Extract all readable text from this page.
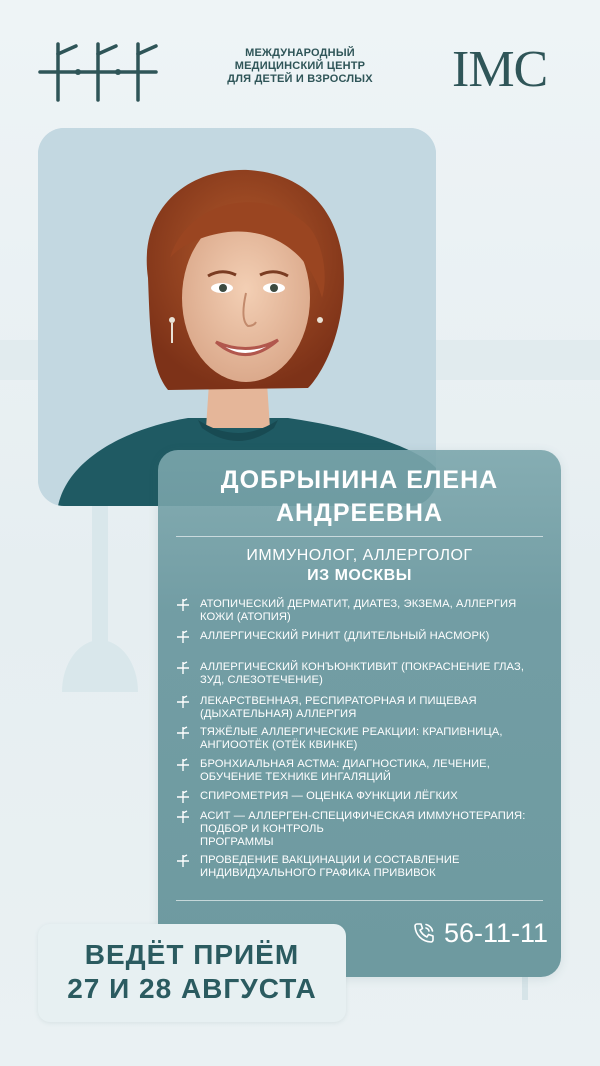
МЕЖДУНАРОДНЫЙ
МЕДИЦИНСКИЙ ЦЕНТР
ДЛЯ ДЕТЕЙ И ВЗРОСЛЫХ	IMC
ДОБРЫНИНА ЕЛЕНА
АНДРЕЕВНА
ИММУНОЛОГ, АЛЛЕРГОЛОГ
ИЗ МОСКВЫ
АТОПИЧЕСКИЙ ДЕРМАТИТ, ДИАТЕЗ, ЭКЗЕМА, АЛЛЕРГИЯ КОЖИ (АТОПИЯ)
АЛЛЕРГИЧЕСКИЙ РИНИТ (ДЛИТЕЛЬНЫЙ НАСМОРК)
АЛЛЕРГИЧЕСКИЙ КОНЪЮНКТИВИТ (ПОКРАСНЕНИЕ ГЛАЗ, ЗУД, СЛЕЗОТЕЧЕНИЕ)
ЛЕКАРСТВЕННАЯ, РЕСПИРАТОРНАЯ И ПИЩЕВАЯ (ДЫХАТЕЛЬНАЯ) АЛЛЕРГИЯ
ТЯЖЁЛЫЕ АЛЛЕРГИЧЕСКИЕ РЕАКЦИИ: КРАПИВНИЦА, АНГИООТЁК (ОТЁК КВИНКЕ)
БРОНХИАЛЬНАЯ АСТМА: ДИАГНОСТИКА, ЛЕЧЕНИЕ, ОБУЧЕНИЕ ТЕХНИКЕ ИНГАЛЯЦИЙ
СПИРОМЕТРИЯ — ОЦЕНКА ФУНКЦИИ ЛЁГКИХ
АСИТ — АЛЛЕРГЕН-СПЕЦИФИЧЕСКАЯ ИММУНОТЕРАПИЯ: ПОДБОР И КОНТРОЛЬ
ПРОГРАММЫ
ПРОВЕДЕНИЕ ВАКЦИНАЦИИ И СОСТАВЛЕНИЕ ИНДИВИДУАЛЬНОГО ГРАФИКА ПРИВИВОК
56-11-11
ВЕДЁТ ПРИЁМ
27 И 28 АВГУСТА
